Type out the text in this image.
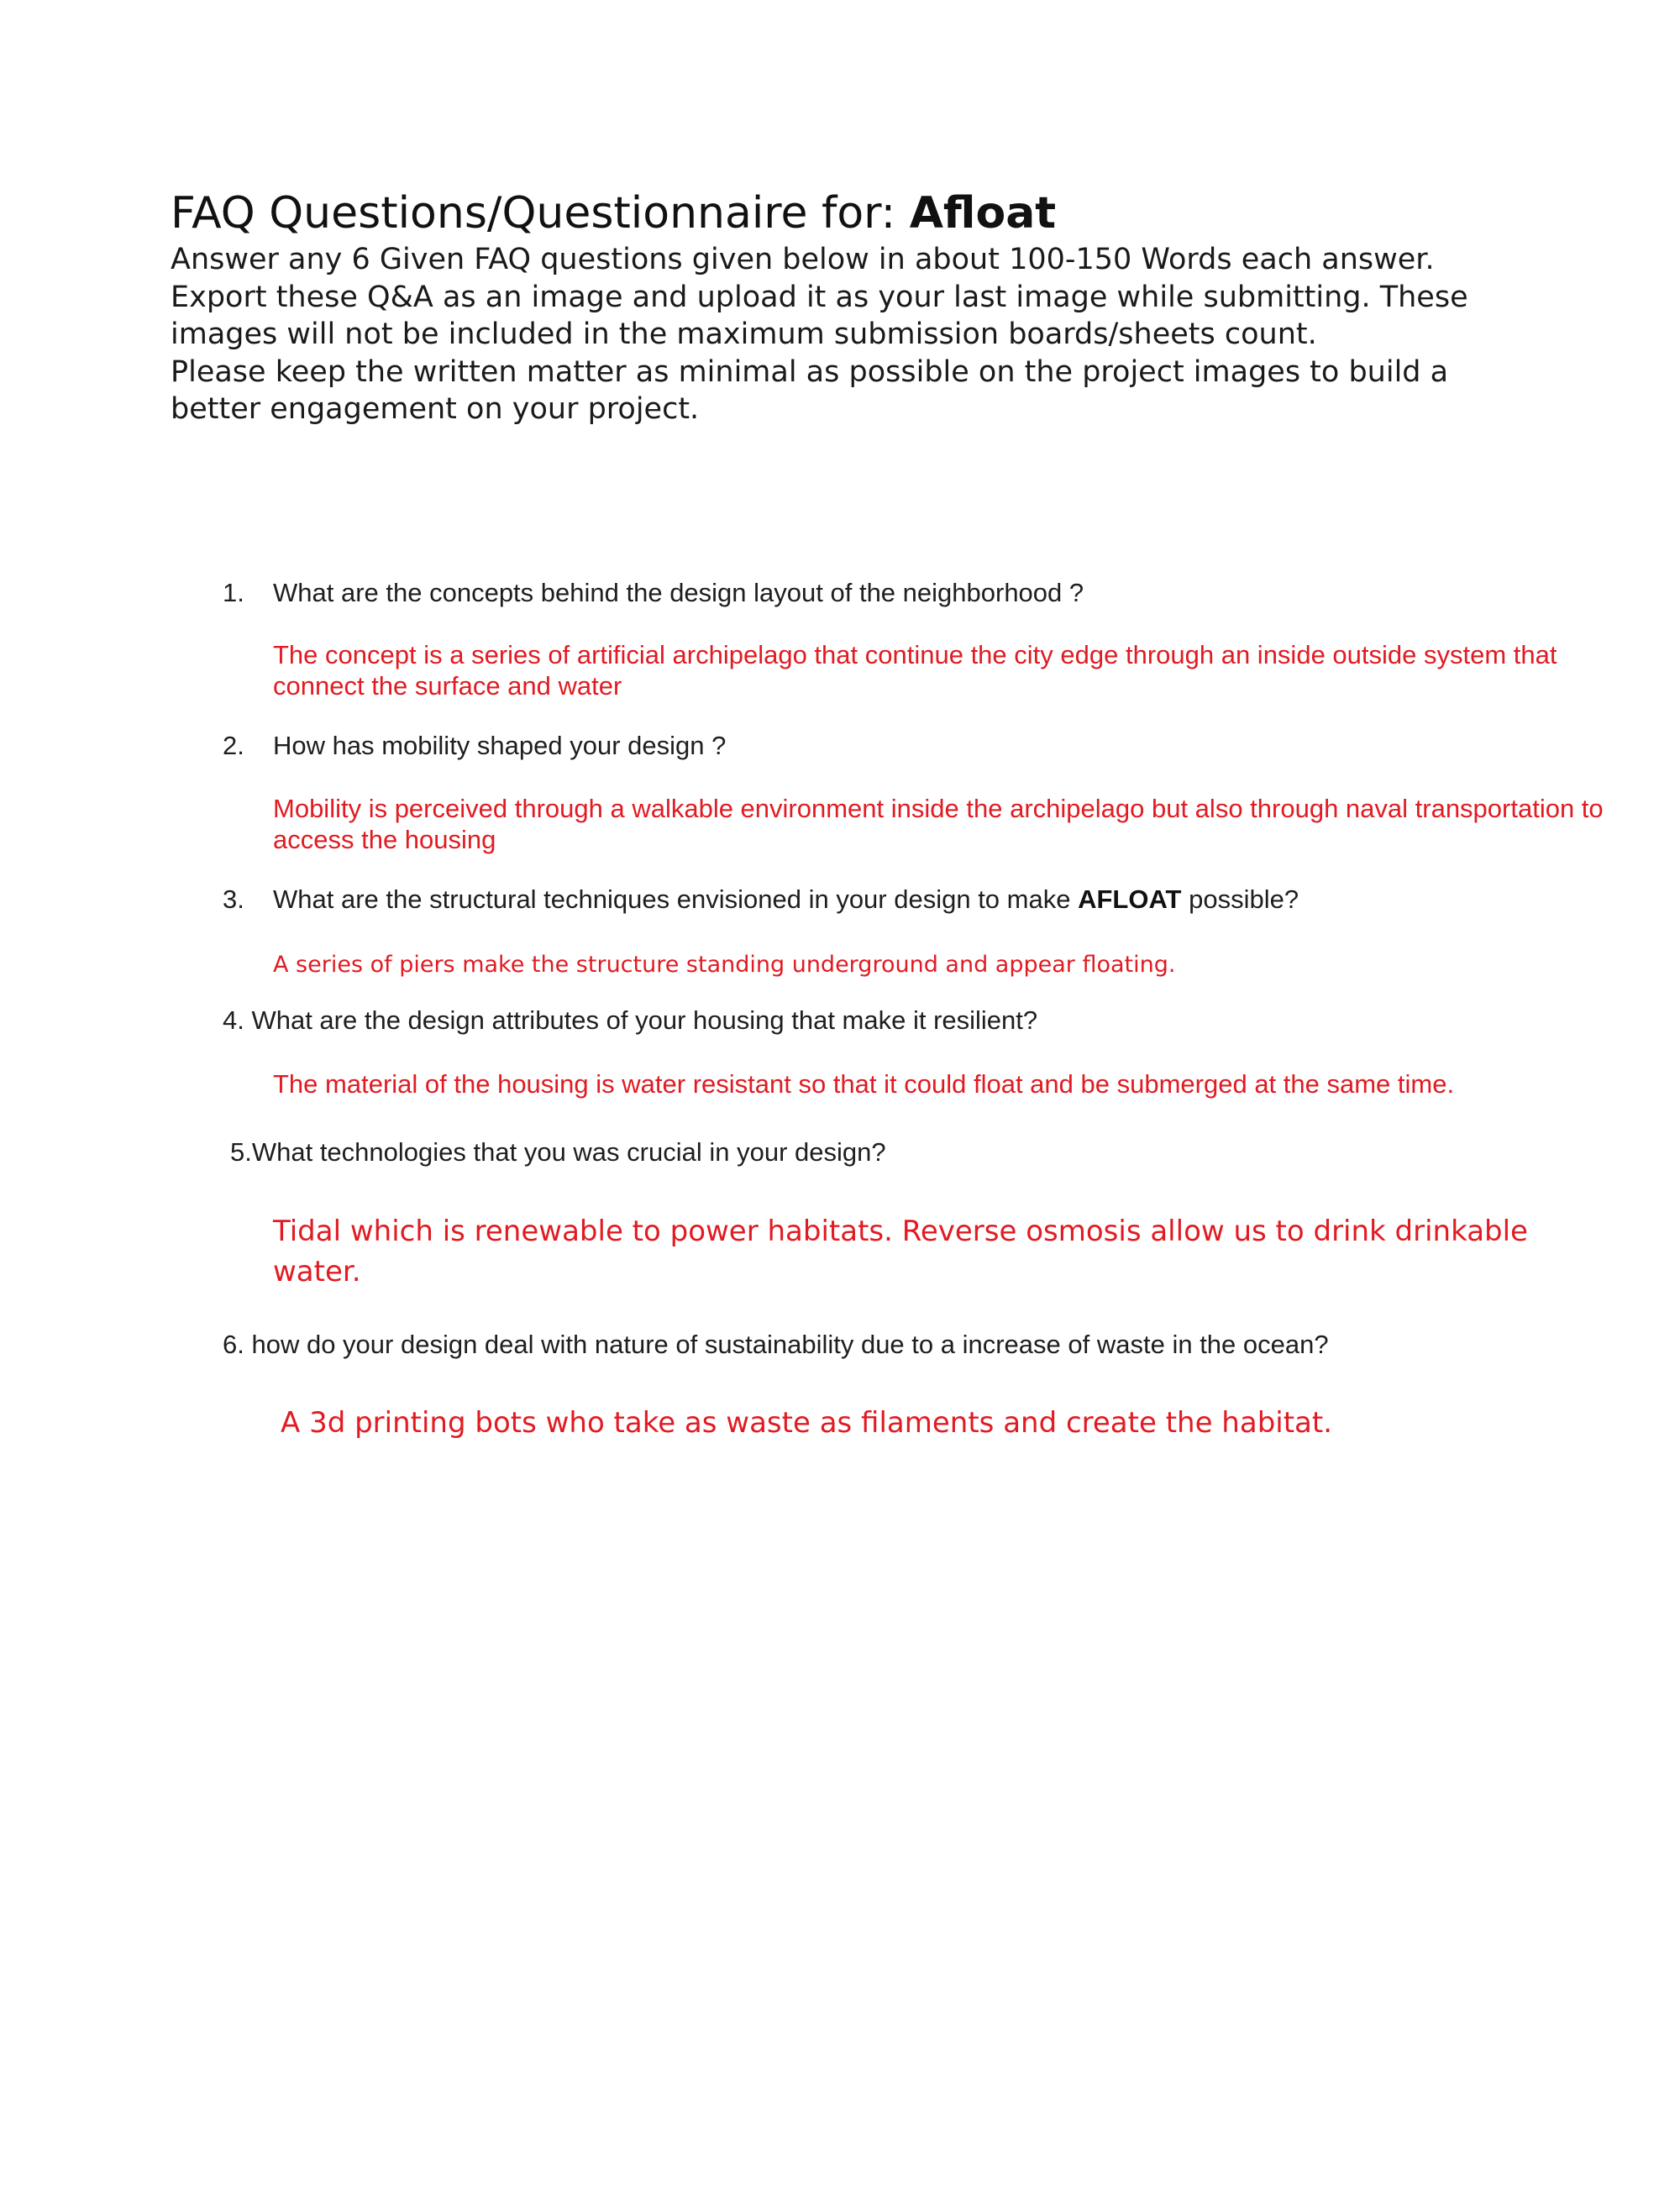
FAQ Questions/Questionnaire for: Afloat

Answer any 6 Given FAQ questions given below in about 100-150 Words each answer. Export these Q&A as an image and upload it as your last image while submitting. These images will not be included in the maximum submission boards/sheets count.

Please keep the written matter as minimal as possible on the project images to build a better engagement on your project.

1. What are the concepts behind the design layout of the neighborhood ?
The concept is a series of artificial archipelago that continue the city edge through an inside outside system that connect the surface and water
2. How has mobility shaped your design ?
Mobility is perceived through a walkable environment inside the archipelago but also through naval transportation to access the housing
3. What are the structural techniques envisioned in your design to make AFLOAT possible?
A series of piers make the structure standing underground and appear floating.
4. What are the design attributes of your housing that make it resilient?
The material of the housing is water resistant so that it could float and be submerged at the same time.
5.What technologies that you was crucial in your design?
Tidal which is renewable to power habitats. Reverse osmosis allow us to drink drinkable water.
6. how do your design deal with nature of sustainability due to a increase of waste in the ocean?
A 3d printing bots who take as waste as filaments and create the habitat.
